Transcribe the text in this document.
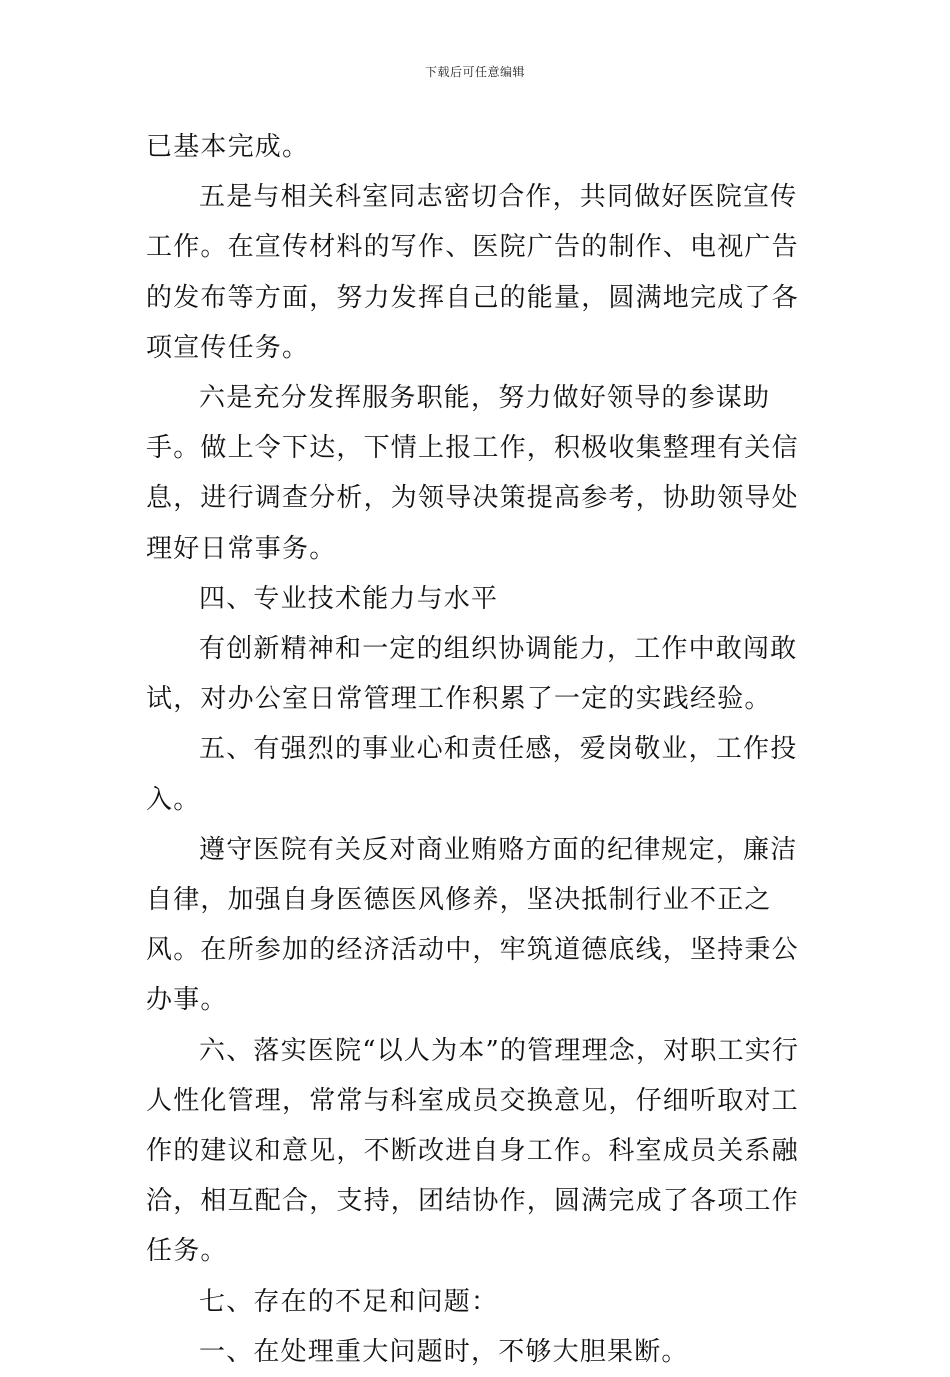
下载后可任意编辑

已基本完成。

五是与相关科室同志密切合作，共同做好医院宣传工作。在宣传材料的写作、医院广告的制作、电视广告的发布等方面，努力发挥自己的能量，圆满地完成了各项宣传任务。

六是充分发挥服务职能，努力做好领导的参谋助手。做上令下达，下情上报工作，积极收集整理有关信息，进行调查分析，为领导决策提高参考，协助领导处理好日常事务。

四、专业技术能力与水平

有创新精神和一定的组织协调能力，工作中敢闯敢试，对办公室日常管理工作积累了一定的实践经验。

五、有强烈的事业心和责任感，爱岗敬业，工作投入。

遵守医院有关反对商业贿赂方面的纪律规定，廉洁自律，加强自身医德医风修养，坚决抵制行业不正之风。在所参加的经济活动中，牢筑道德底线，坚持秉公办事。

六、落实医院“以人为本”的管理理念，对职工实行人性化管理，常常与科室成员交换意见，仔细听取对工作的建议和意见，不断改进自身工作。科室成员关系融洽，相互配合，支持，团结协作，圆满完成了各项工作任务。

七、存在的不足和问题：

一、在处理重大问题时，不够大胆果断。
